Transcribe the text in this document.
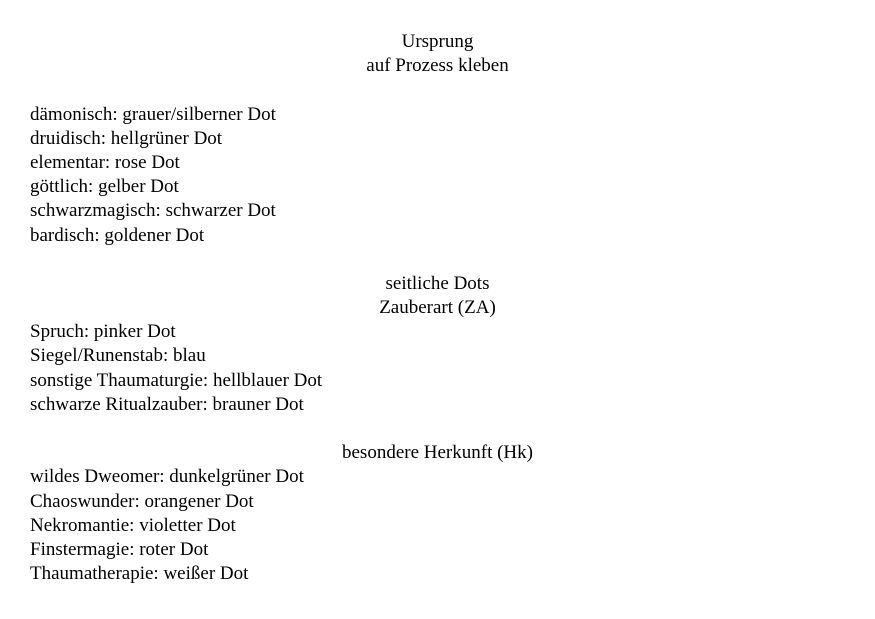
Ursprung
auf Prozess kleben
dämonisch: grauer/silberner Dot
druidisch: hellgrüner Dot
elementar: rose Dot
göttlich: gelber Dot
schwarzmagisch: schwarzer Dot
bardisch: goldener Dot
seitliche Dots
Zauberart (ZA)
Spruch: pinker Dot
Siegel/Runenstab: blau
sonstige Thaumaturgie: hellblauer Dot
schwarze Ritualzauber: brauner Dot
besondere Herkunft (Hk)
wildes Dweomer: dunkelgrüner Dot
Chaoswunder: orangener Dot
Nekromantie: violetter Dot
Finstermagie: roter Dot
Thaumatherapie: weißer Dot
